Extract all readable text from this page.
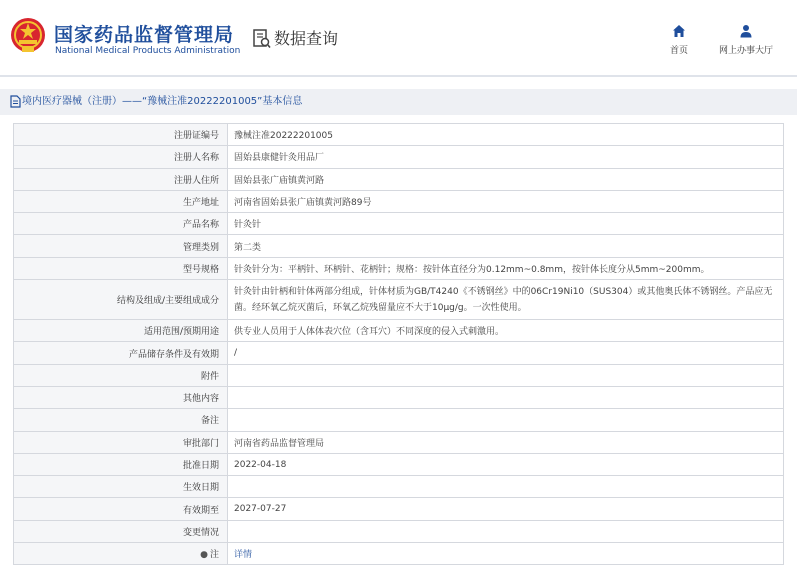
国家药品监督管理局
National Medical Products Administration
数据查询
首页	网上办事大厅
境内医疗器械（注册）——“豫械注准20222201005”基本信息
注册证编号	豫械注准20222201005
注册人名称	固始县康健针灸用品厂
注册人住所	固始县张广庙镇黄河路
生产地址	河南省固始县张广庙镇黄河路89号
产品名称	针灸针
管理类别	第二类
型号规格	针灸针分为：平柄针、环柄针、花柄针；规格：按针体直径分为0.12mm~0.8mm，按针体长度分从5mm~200mm。
结构及组成/主要组成成分	针灸针由针柄和针体两部分组成，针体材质为GB/T4240《不锈钢丝》中的06Cr19Ni10（SUS304）或其他奥氏体不锈钢丝。产品应无菌。经环氧乙烷灭菌后，环氧乙烷残留量应不大于10μg/g。一次性使用。
适用范围/预期用途	供专业人员用于人体体表穴位（含耳穴）不同深度的侵入式刺激用。
产品储存条件及有效期	/
附件	
其他内容	
备注	
审批部门	河南省药品监督管理局
批准日期	2022-04-18
生效日期	
有效期至	2027-07-27
变更情况	
● 注	详情
